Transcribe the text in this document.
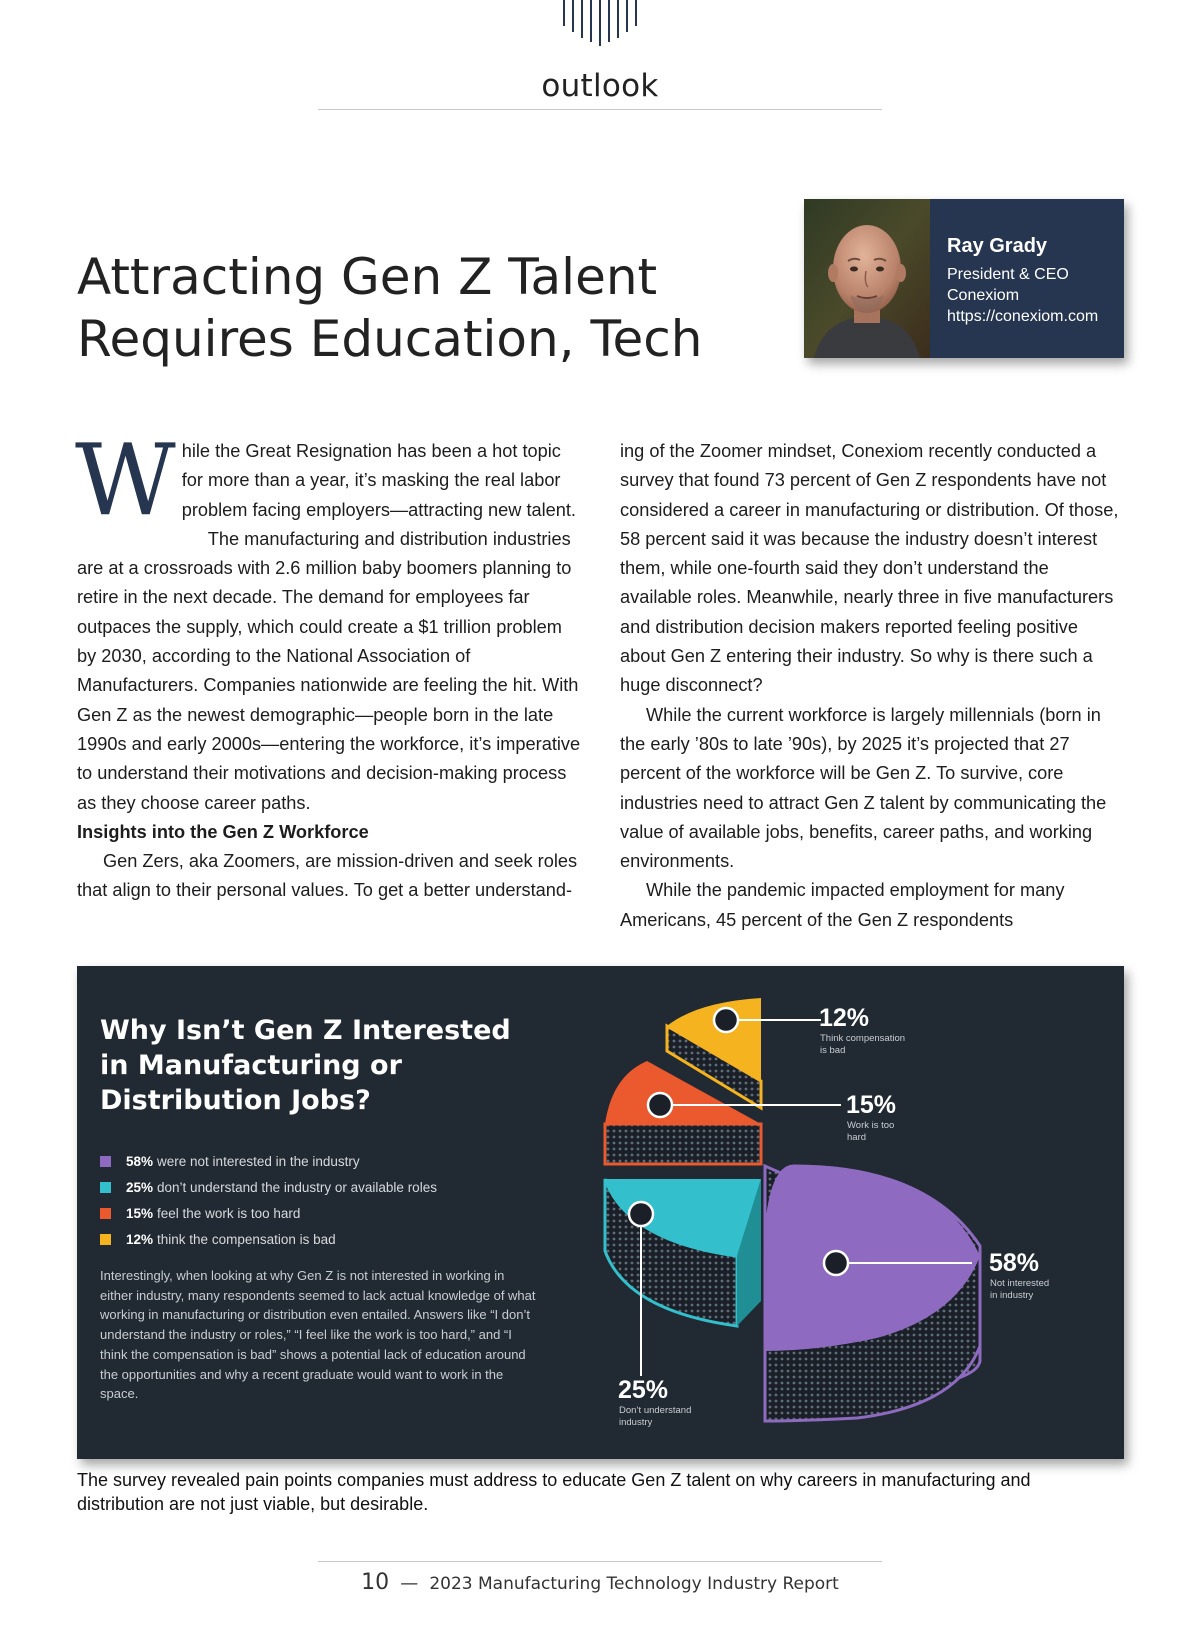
outlook
Attracting Gen Z Talent
Requires Education, Tech
Ray Grady
President & CEO
Conexiom
https://conexiom.com

While the Great Resignation has been a hot topic for more than a year, it’s masking the real labor problem facing employers—attracting new talent.

The manufacturing and distribution industries are at a crossroads with 2.6 million baby boomers planning to retire in the next decade. The demand for employees far outpaces the supply, which could create a $1 trillion problem by 2030, according to the National Association of Manufacturers. Companies nationwide are feeling the hit. With Gen Z as the newest demographic—people born in the late 1990s and early 2000s—entering the workforce, it’s imperative to understand their motivations and decision-making process as they choose career paths.

Insights into the Gen Z Workforce

Gen Zers, aka Zoomers, are mission-driven and seek roles that align to their personal values. To get a better understand-

ing of the Zoomer mindset, Conexiom recently conducted a survey that found 73 percent of Gen Z respondents have not considered a career in manufacturing or distribution. Of those, 58 percent said it was because the industry doesn’t interest them, while one-fourth said they don’t understand the available roles. Meanwhile, nearly three in five manufacturers and distribution decision makers reported feeling positive about Gen Z entering their industry. So why is there such a huge disconnect?

While the current workforce is largely millennials (born in the early ’80s to late ’90s), by 2025 it’s projected that 27 percent of the workforce will be Gen Z. To survive, core industries need to attract Gen Z talent by communicating the value of available jobs, benefits, career paths, and working environments.

While the pandemic impacted employment for many Americans, 45 percent of the Gen Z respondents

Why Isn’t Gen Z Interested in Manufacturing or Distribution Jobs?
58% were not interested in the industry
25% don’t understand the industry or available roles
15% feel the work is too hard
12% think the compensation is bad
Interestingly, when looking at why Gen Z is not interested in working in either industry, many respondents seemed to lack actual knowledge of what working in manufacturing or distribution even entailed. Answers like “I don’t understand the industry or roles,” “I feel like the work is too hard,” and “I think the compensation is bad” shows a potential lack of education around the opportunities and why a recent graduate would want to work in the space.
12%
Think compensation
is bad
15%
Work is too
hard
58%
Not interested
in industry
25%
Don’t understand
industry
The survey revealed pain points companies must address to educate Gen Z talent on why careers in manufacturing and distribution are not just viable, but desirable.
10 — 2023 Manufacturing Technology Industry Report
